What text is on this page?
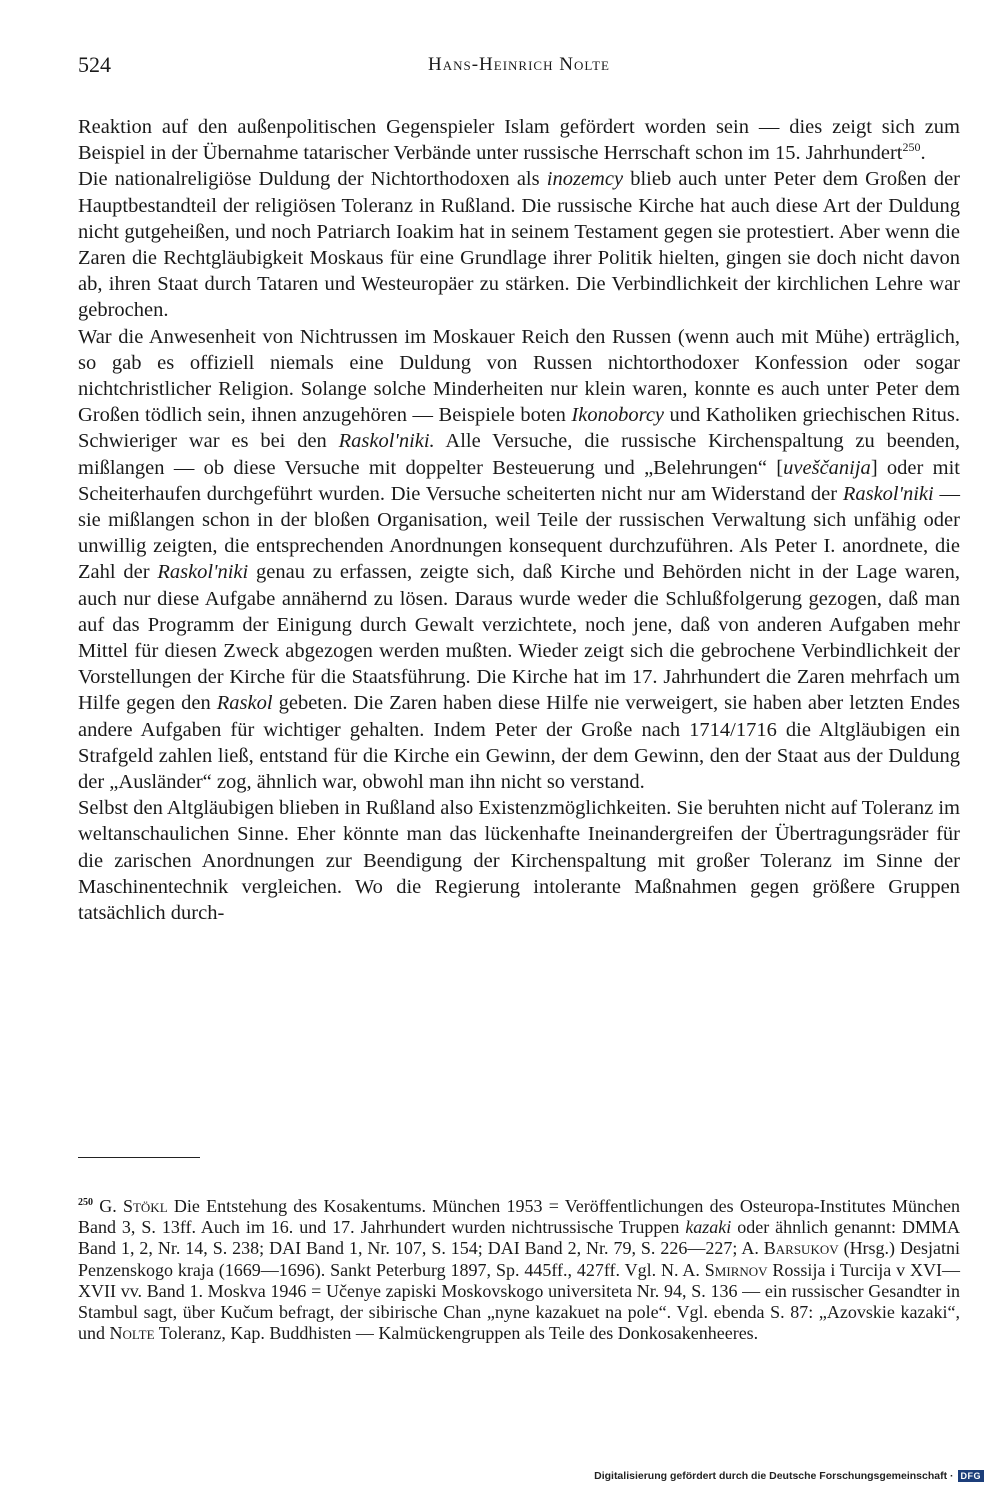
524	Hans-Heinrich Nolte

Reaktion auf den außenpolitischen Gegenspieler Islam gefördert worden sein — dies zeigt sich zum Beispiel in der Übernahme tatarischer Verbände unter russische Herrschaft schon im 15. Jahrhundert$^{250}$.

Die nationalreligiöse Duldung der Nichtorthodoxen als inozemcy blieb auch unter Peter dem Großen der Hauptbestandteil der religiösen Toleranz in Rußland. Die russische Kirche hat auch diese Art der Duldung nicht gutgeheißen, und noch Patriarch Ioakim hat in seinem Testament gegen sie protestiert. Aber wenn die Zaren die Rechtgläubigkeit Moskaus für eine Grundlage ihrer Politik hielten, gingen sie doch nicht davon ab, ihren Staat durch Tataren und Westeuropäer zu stärken. Die Verbindlichkeit der kirchlichen Lehre war gebrochen.

War die Anwesenheit von Nichtrussen im Moskauer Reich den Russen (wenn auch mit Mühe) erträglich, so gab es offiziell niemals eine Duldung von Russen nichtorthodoxer Konfession oder sogar nichtchristlicher Religion. Solange solche Minderheiten nur klein waren, konnte es auch unter Peter dem Großen tödlich sein, ihnen anzugehören — Beispiele boten Ikonoborcy und Katholiken griechischen Ritus. Schwieriger war es bei den Raskol'niki. Alle Versuche, die russische Kirchenspaltung zu beenden, mißlangen — ob diese Versuche mit doppelter Besteuerung und „Belehrungen“ [uveščanija] oder mit Scheiterhaufen durchgeführt wurden. Die Versuche scheiterten nicht nur am Widerstand der Raskol'niki — sie mißlangen schon in der bloßen Organisation, weil Teile der russischen Verwaltung sich unfähig oder unwillig zeigten, die entsprechenden Anordnungen konsequent durchzuführen. Als Peter I. anordnete, die Zahl der Raskol'niki genau zu erfassen, zeigte sich, daß Kirche und Behörden nicht in der Lage waren, auch nur diese Aufgabe annähernd zu lösen. Daraus wurde weder die Schlußfolgerung gezogen, daß man auf das Programm der Einigung durch Gewalt verzichtete, noch jene, daß von anderen Aufgaben mehr Mittel für diesen Zweck abgezogen werden mußten. Wieder zeigt sich die gebrochene Verbindlichkeit der Vorstellungen der Kirche für die Staatsführung. Die Kirche hat im 17. Jahrhundert die Zaren mehrfach um Hilfe gegen den Raskol gebeten. Die Zaren haben diese Hilfe nie verweigert, sie haben aber letzten Endes andere Aufgaben für wichtiger gehalten. Indem Peter der Große nach 1714/1716 die Altgläubigen ein Strafgeld zahlen ließ, entstand für die Kirche ein Gewinn, der dem Gewinn, den der Staat aus der Duldung der „Ausländer“ zog, ähnlich war, obwohl man ihn nicht so verstand.

Selbst den Altgläubigen blieben in Rußland also Existenzmöglichkeiten. Sie beruhten nicht auf Toleranz im weltanschaulichen Sinne. Eher könnte man das lückenhafte Ineinandergreifen der Übertragungsräder für die zarischen Anordnungen zur Beendigung der Kirchenspaltung mit großer Toleranz im Sinne der Maschinentechnik vergleichen. Wo die Regierung intolerante Maßnahmen gegen größere Gruppen tatsächlich durch-

$^{250}$ G. Stökl Die Entstehung des Kosakentums. München 1953 = Veröffentlichungen des Osteuropa-Institutes München Band 3, S. 13ff. Auch im 16. und 17. Jahrhundert wurden nichtrussische Truppen kazaki oder ähnlich genannt: DMMA Band 1, 2, Nr. 14, S. 238; DAI Band 1, Nr. 107, S. 154; DAI Band 2, Nr. 79, S. 226—227; A. Barsukov (Hrsg.) Desjatni Penzenskogo kraja (1669—1696). Sankt Peterburg 1897, Sp. 445ff., 427ff. Vgl. N. A. Smirnov Rossija i Turcija v XVI—XVII vv. Band 1. Moskva 1946 = Učenye zapiski Moskovskogo universiteta Nr. 94, S. 136 — ein russischer Gesandter in Stambul sagt, über Kučum befragt, der sibirische Chan „nyne kazakuet na pole“. Vgl. ebenda S. 87: „Azovskie kazaki“, und Nolte Toleranz, Kap. Buddhisten — Kalmückengruppen als Teile des Donkosakenheeres.

Digitalisierung gefördert durch die Deutsche Forschungsgemeinschaft · DFG
